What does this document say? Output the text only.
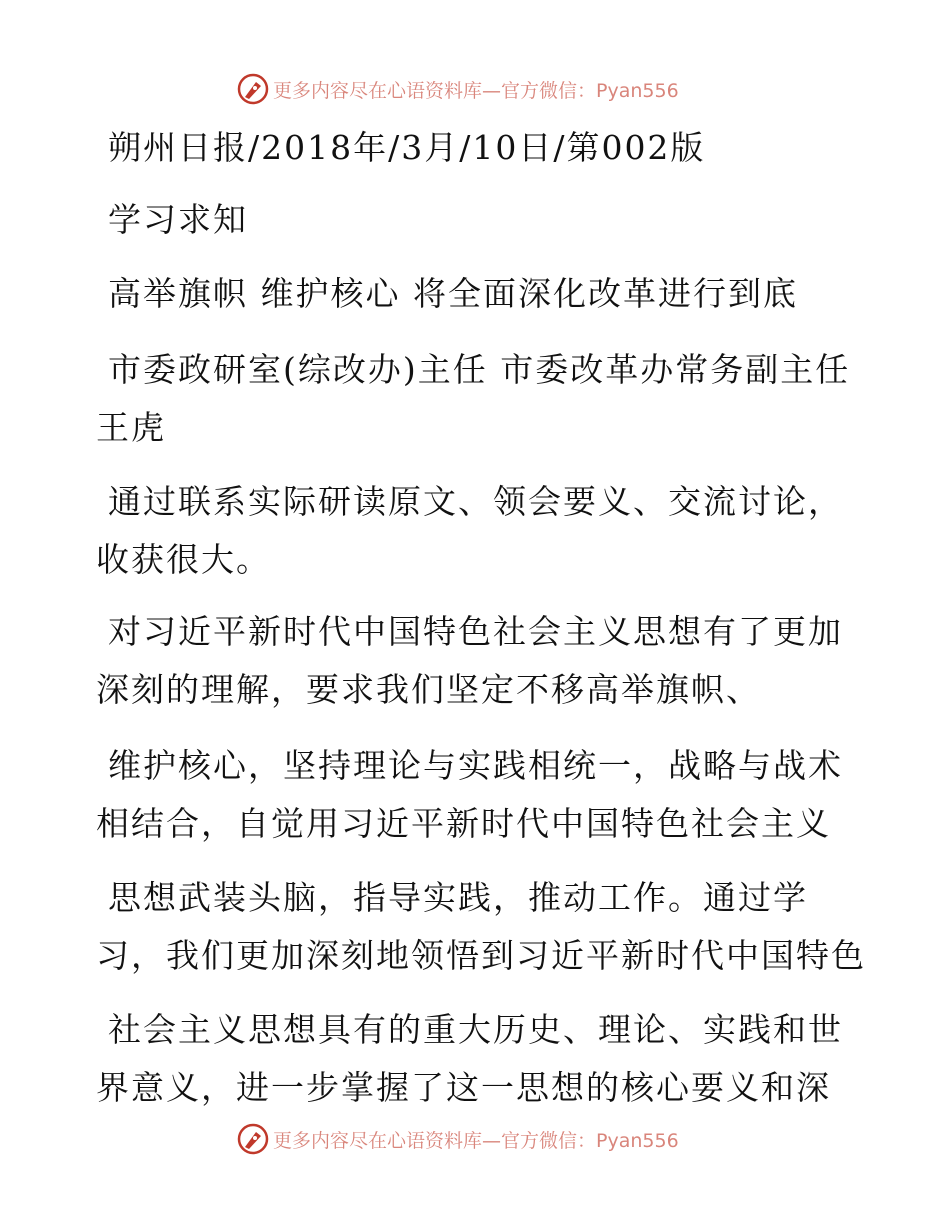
更多内容尽在心语资料库—官方微信：Pyan556
朔州日报/2018年/3月/10日/第002版
学习求知
高举旗帜 维护核心 将全面深化改革进行到底
市委政研室(综改办)主任 市委改革办常务副主任
王虎
通过联系实际研读原文、领会要义、交流讨论，
收获很大。
对习近平新时代中国特色社会主义思想有了更加
深刻的理解，要求我们坚定不移高举旗帜、
维护核心，坚持理论与实践相统一，战略与战术
相结合，自觉用习近平新时代中国特色社会主义
思想武装头脑，指导实践，推动工作。通过学
习，我们更加深刻地领悟到习近平新时代中国特色
社会主义思想具有的重大历史、理论、实践和世
界意义，进一步掌握了这一思想的核心要义和深
更多内容尽在心语资料库—官方微信：Pyan556
